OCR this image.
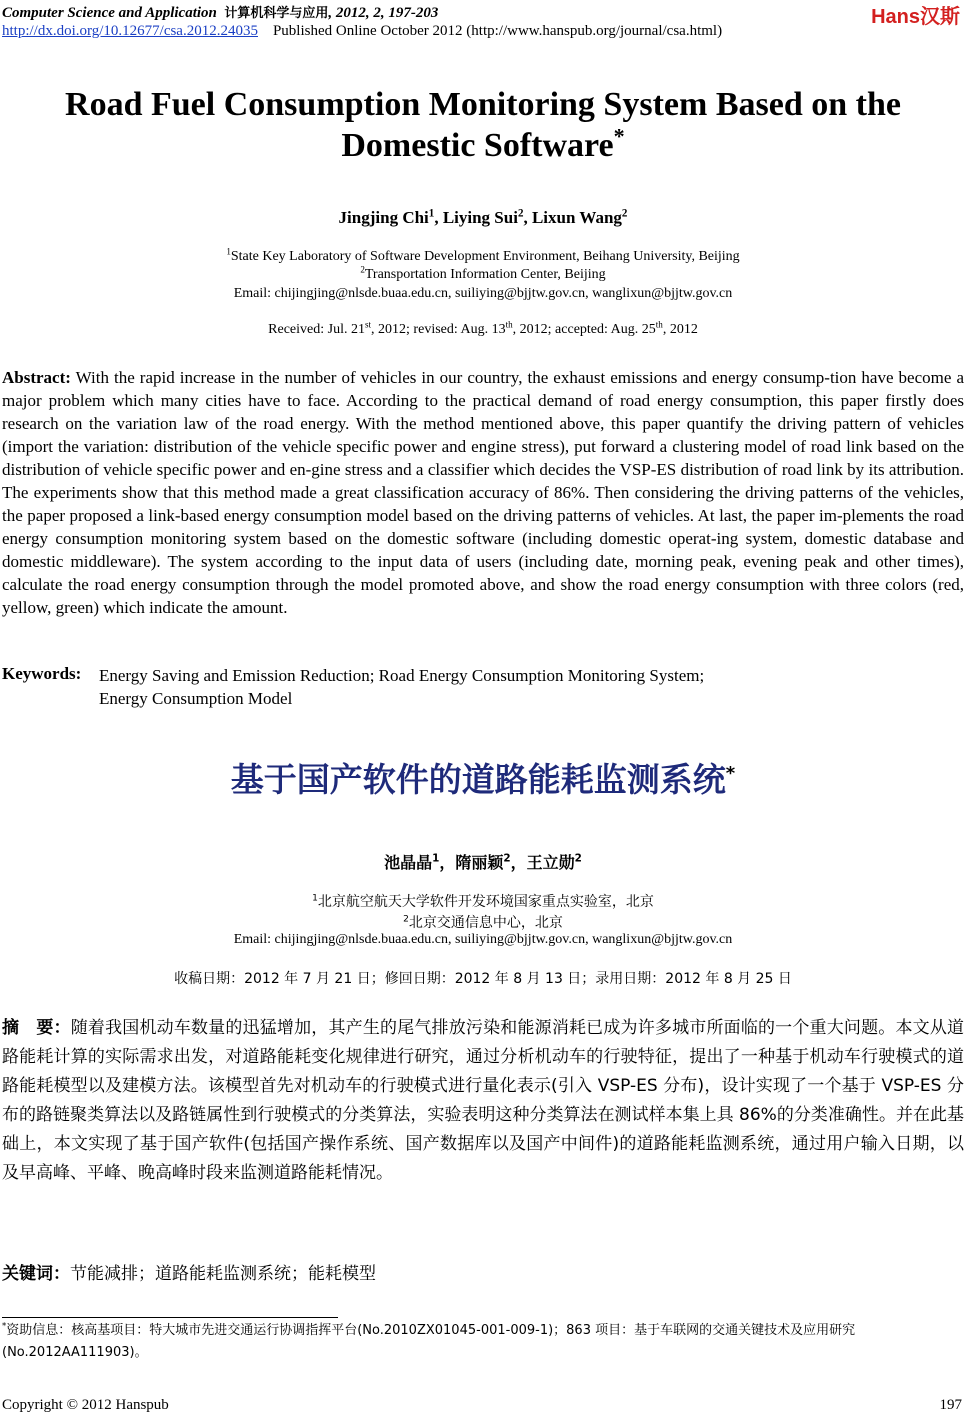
Computer Science and Application 计算机科学与应用, 2012, 2, 197-203
http://dx.doi.org/10.12677/csa.2012.24035 Published Online October 2012 (http://www.hanspub.org/journal/csa.html)
Hans汉斯
Road Fuel Consumption Monitoring System Based on the
Domestic Software*
Jingjing Chi$^1$, Liying Sui$^2$, Lixun Wang$^2$
$^1$State Key Laboratory of Software Development Environment, Beihang University, Beijing
$^2$Transportation Information Center, Beijing
Email: chijingjing@nlsde.buaa.edu.cn, suiliying@bjjtw.gov.cn, wanglixun@bjjtw.gov.cn
Received: Jul. 21st, 2012; revised: Aug. 13th, 2012; accepted: Aug. 25th, 2012
Abstract: With the rapid increase in the number of vehicles in our country, the exhaust emissions and energy consump-tion have become a major problem which many cities have to face. According to the practical demand of road energy consumption, this paper firstly does research on the variation law of the road energy. With the method mentioned above, this paper quantify the driving pattern of vehicles (import the variation: distribution of the vehicle specific power and engine stress), put forward a clustering model of road link based on the distribution of vehicle specific power and en-gine stress and a classifier which decides the VSP-ES distribution of road link by its attribution. The experiments show that this method made a great classification accuracy of 86%. Then considering the driving patterns of the vehicles, the paper proposed a link-based energy consumption model based on the driving patterns of vehicles. At last, the paper im-plements the road energy consumption monitoring system based on the domestic software (including domestic operat-ing system, domestic database and domestic middleware). The system according to the input data of users (including date, morning peak, evening peak and other times), calculate the road energy consumption through the model promoted above, and show the road energy consumption with three colors (red, yellow, green) which indicate the amount.
Keywords: Energy Saving and Emission Reduction; Road Energy Consumption Monitoring System;
Energy Consumption Model
基于国产软件的道路能耗监测系统*
池晶晶$^1$，隋丽颖$^2$，王立勋$^2$
$^1$北京航空航天大学软件开发环境国家重点实验室，北京
$^2$北京交通信息中心，北京
Email: chijingjing@nlsde.buaa.edu.cn, suiliying@bjjtw.gov.cn, wanglixun@bjjtw.gov.cn
收稿日期：2012 年 7 月 21 日；修回日期：2012 年 8 月 13 日；录用日期：2012 年 8 月 25 日
摘　要：随着我国机动车数量的迅猛增加，其产生的尾气排放污染和能源消耗已成为许多城市所面临的一个重大问题。本文从道路能耗计算的实际需求出发，对道路能耗变化规律进行研究，通过分析机动车的行驶特征，提出了一种基于机动车行驶模式的道路能耗模型以及建模方法。该模型首先对机动车的行驶模式进行量化表示(引入 VSP-ES 分布)，设计实现了一个基于 VSP-ES 分布的路链聚类算法以及路链属性到行驶模式的分类算法，实验表明这种分类算法在测试样本集上具 86%的分类准确性。并在此基础上，本文实现了基于国产软件(包括国产操作系统、国产数据库以及国产中间件)的道路能耗监测系统，通过用户输入日期，以及早高峰、平峰、晚高峰时段来监测道路能耗情况。
关键词：节能减排；道路能耗监测系统；能耗模型
*资助信息：核高基项目：特大城市先进交通运行协调指挥平台(No.2010ZX01045-001-009-1)；863 项目：基于车联网的交通关键技术及应用研究(No.2012AA111903)。
Copyright © 2012 Hanspub	197
